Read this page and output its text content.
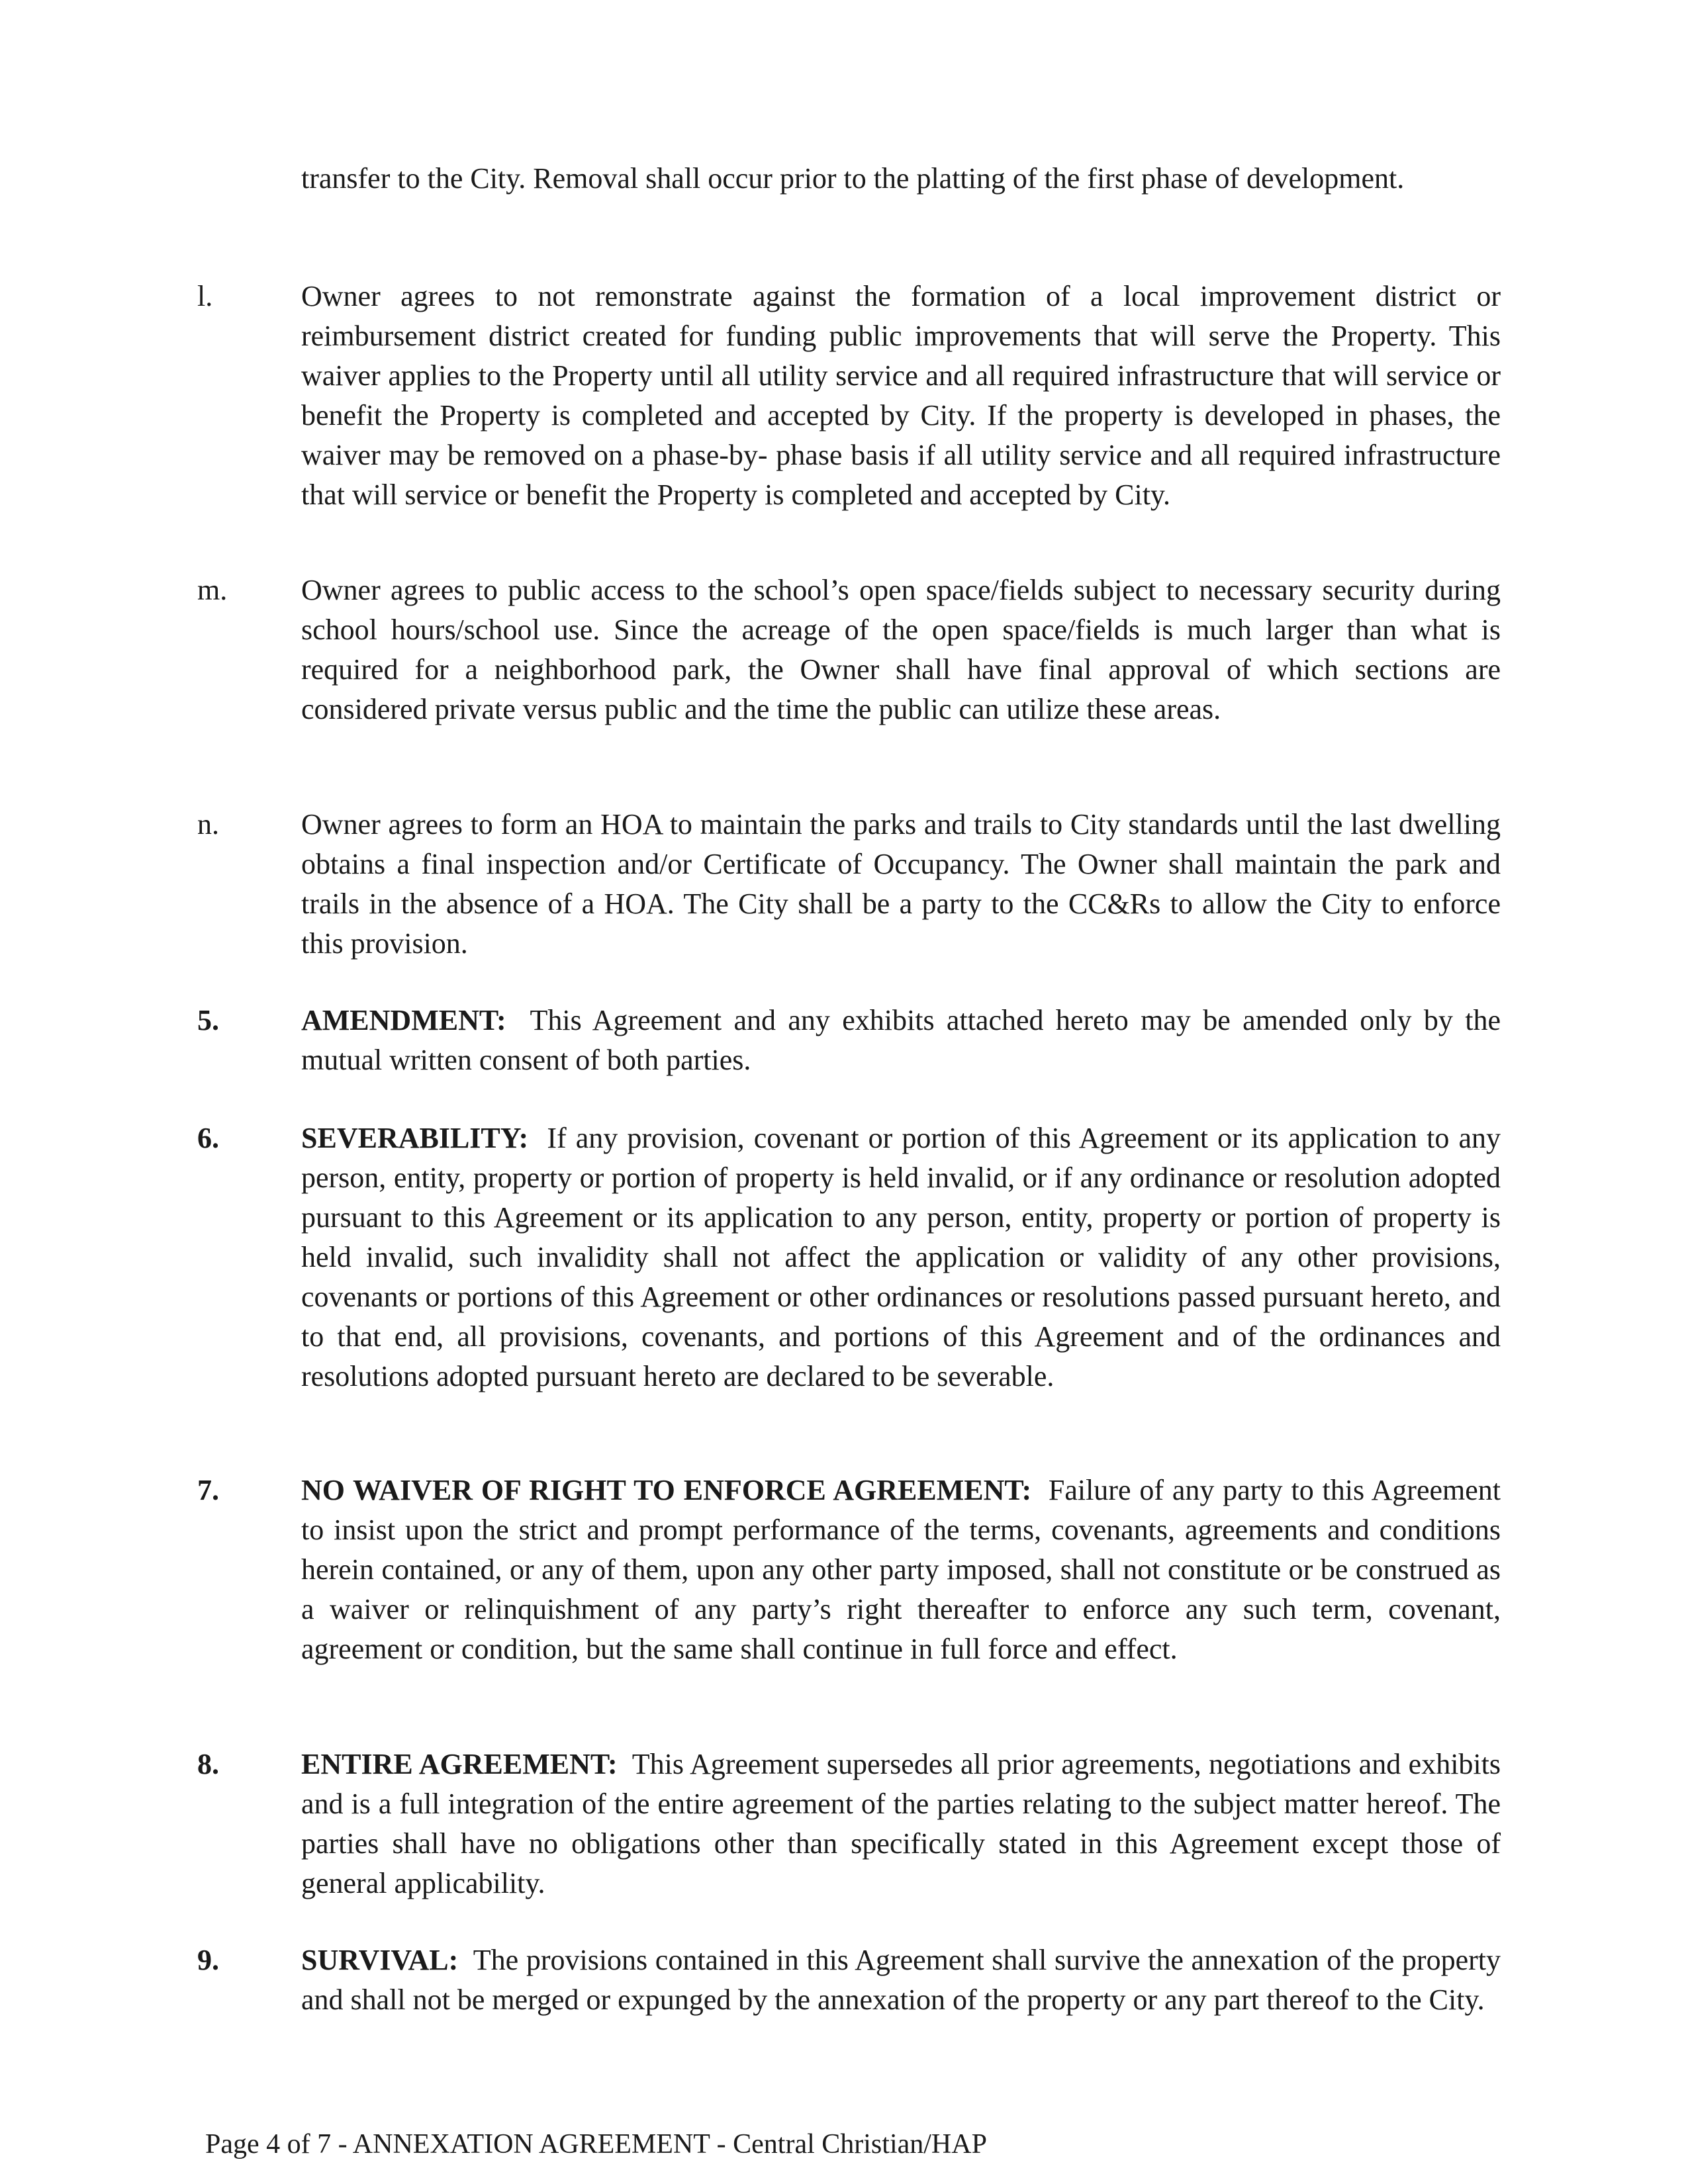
transfer to the City. Removal shall occur prior to the platting of the first phase of development.
l.	Owner agrees to not remonstrate against the formation of a local improvement district or reimbursement district created for funding public improvements that will serve the Property. This waiver applies to the Property until all utility service and all required infrastructure that will service or benefit the Property is completed and accepted by City. If the property is developed in phases, the waiver may be removed on a phase-by- phase basis if all utility service and all required infrastructure that will service or benefit the Property is completed and accepted by City.
m.	Owner agrees to public access to the school’s open space/fields subject to necessary security during school hours/school use. Since the acreage of the open space/fields is much larger than what is required for a neighborhood park, the Owner shall have final approval of which sections are considered private versus public and the time the public can utilize these areas.
n.	Owner agrees to form an HOA to maintain the parks and trails to City standards until the last dwelling obtains a final inspection and/or Certificate of Occupancy. The Owner shall maintain the park and trails in the absence of a HOA. The City shall be a party to the CC&Rs to allow the City to enforce this provision.
5.	AMENDMENT: This Agreement and any exhibits attached hereto may be amended only by the mutual written consent of both parties.
6.	SEVERABILITY: If any provision, covenant or portion of this Agreement or its application to any person, entity, property or portion of property is held invalid, or if any ordinance or resolution adopted pursuant to this Agreement or its application to any person, entity, property or portion of property is held invalid, such invalidity shall not affect the application or validity of any other provisions, covenants or portions of this Agreement or other ordinances or resolutions passed pursuant hereto, and to that end, all provisions, covenants, and portions of this Agreement and of the ordinances and resolutions adopted pursuant hereto are declared to be severable.
7.	NO WAIVER OF RIGHT TO ENFORCE AGREEMENT: Failure of any party to this Agreement to insist upon the strict and prompt performance of the terms, covenants, agreements and conditions herein contained, or any of them, upon any other party imposed, shall not constitute or be construed as a waiver or relinquishment of any party’s right thereafter to enforce any such term, covenant, agreement or condition, but the same shall continue in full force and effect.
8.	ENTIRE AGREEMENT: This Agreement supersedes all prior agreements, negotiations and exhibits and is a full integration of the entire agreement of the parties relating to the subject matter hereof. The parties shall have no obligations other than specifically stated in this Agreement except those of general applicability.
9.	SURVIVAL: The provisions contained in this Agreement shall survive the annexation of the property and shall not be merged or expunged by the annexation of the property or any part thereof to the City.
Page 4 of 7 - ANNEXATION AGREEMENT - Central Christian/HAP
